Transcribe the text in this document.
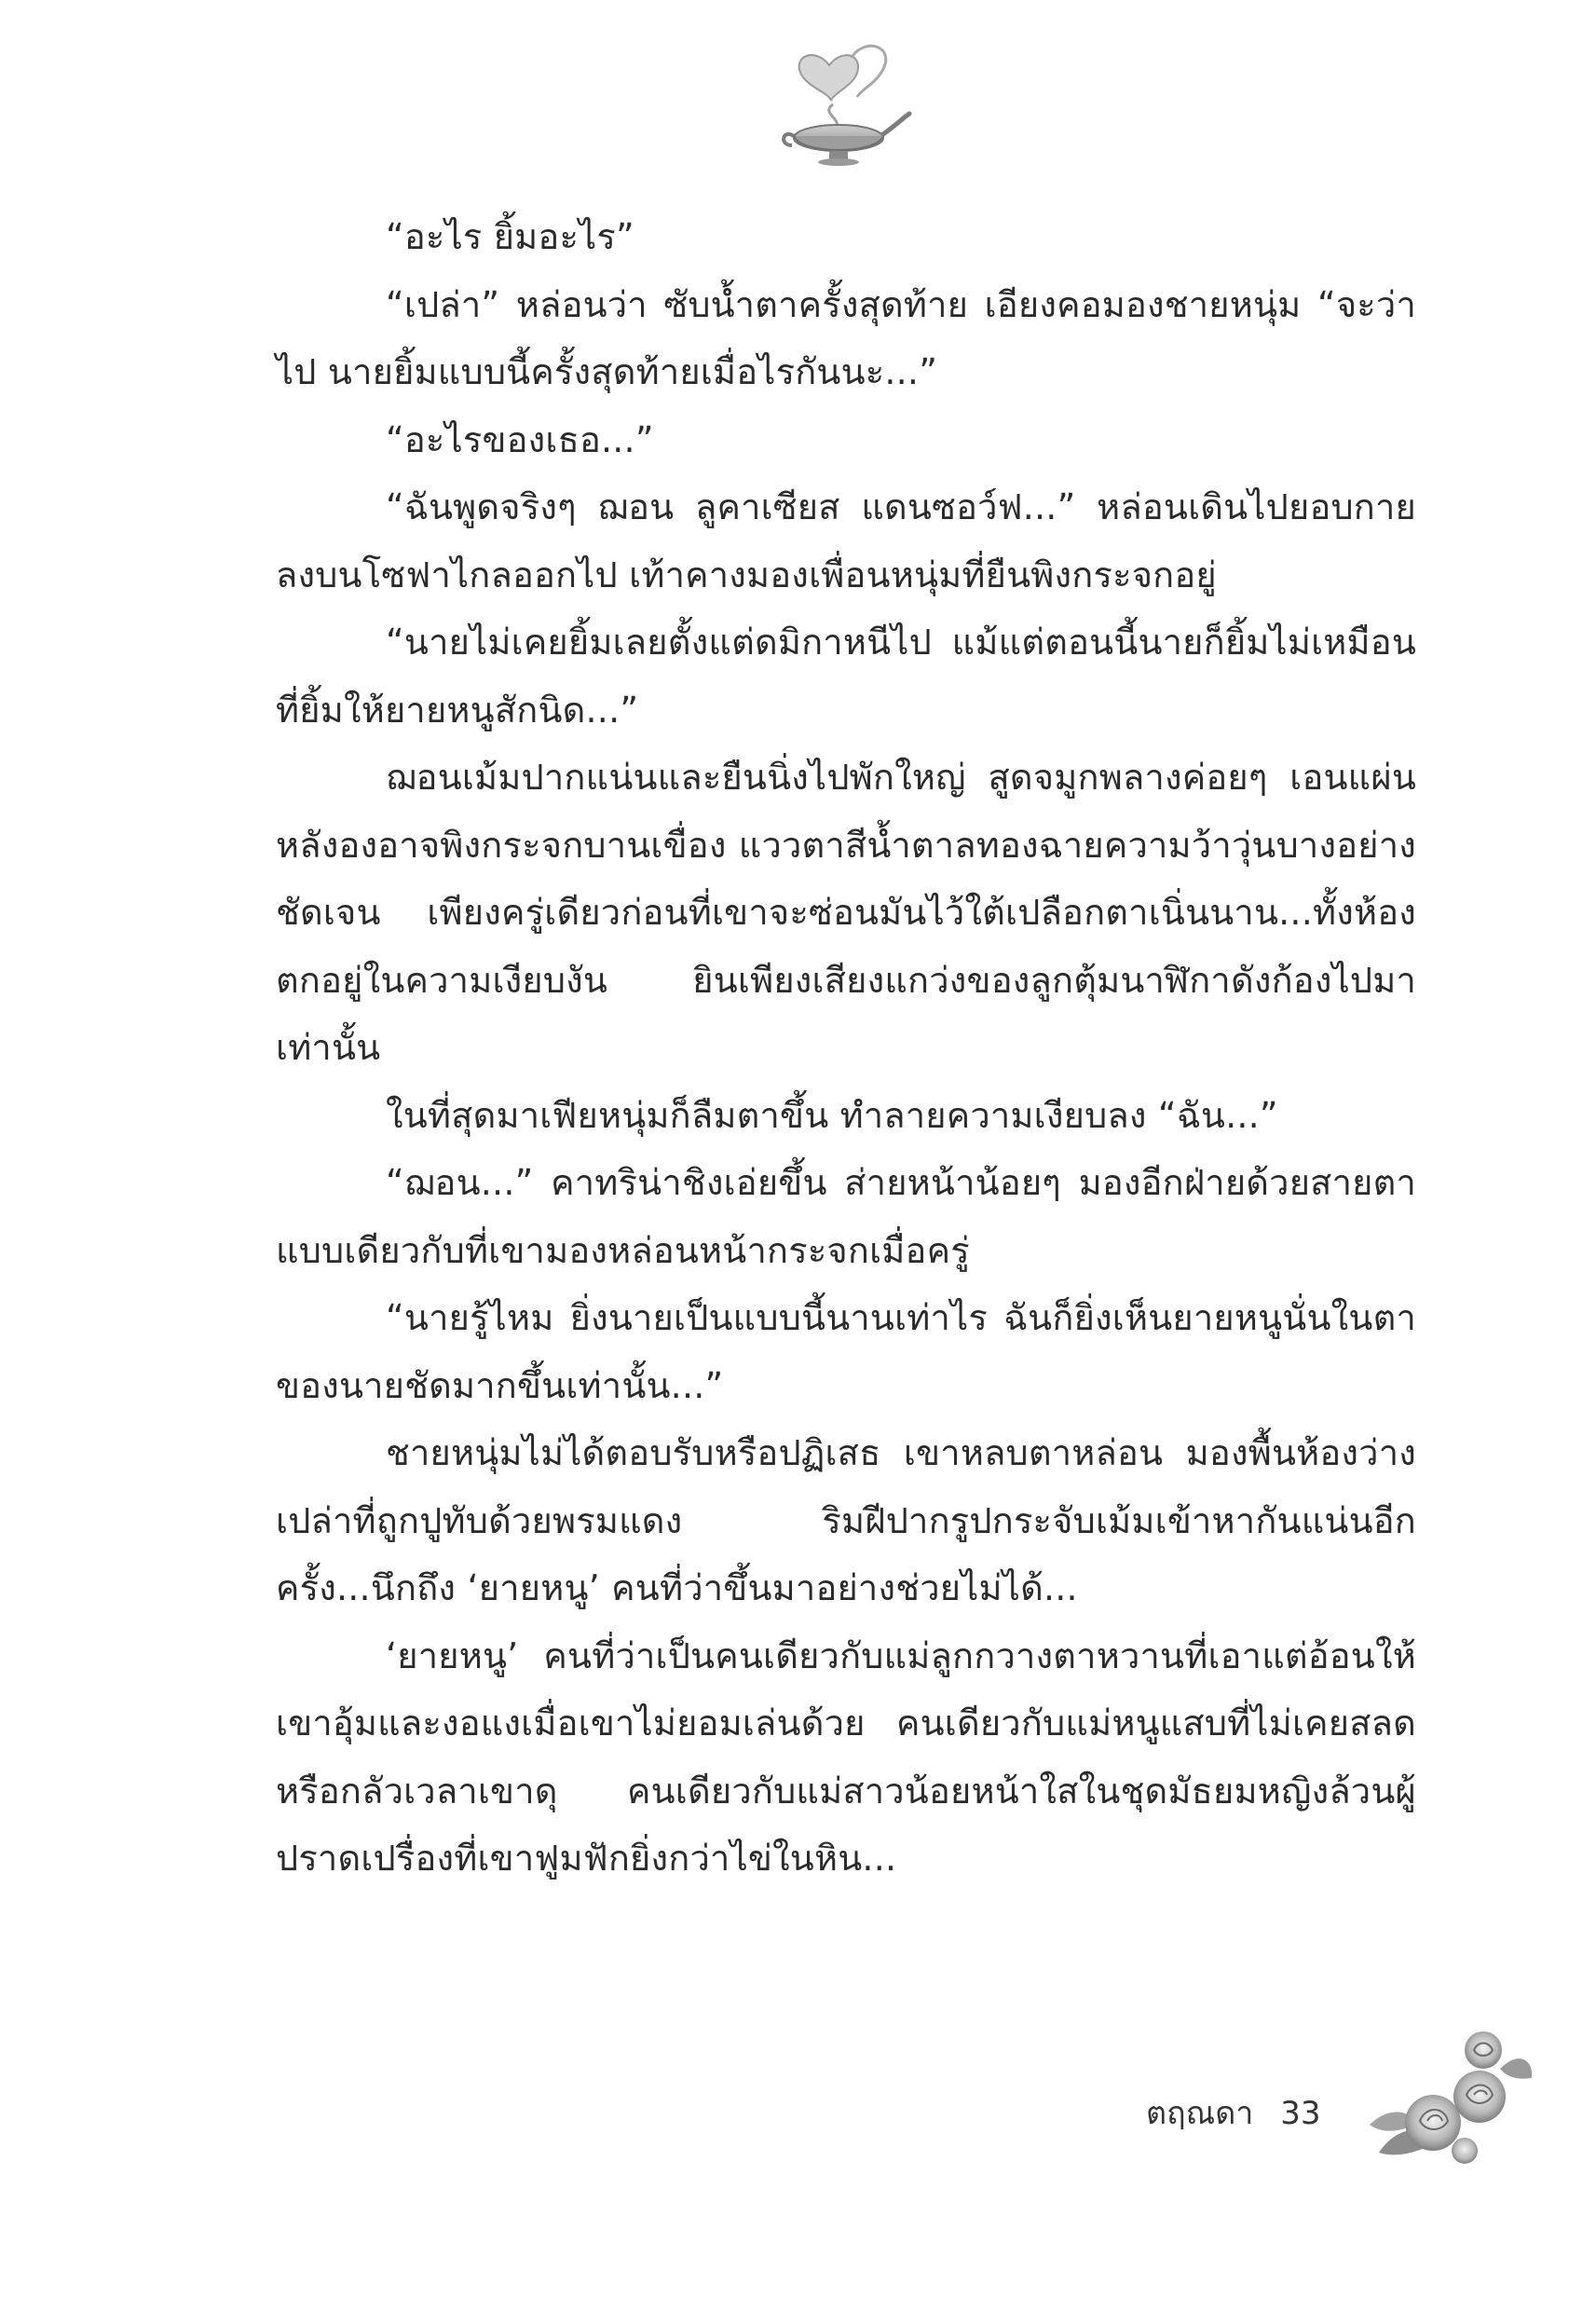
“อะไร ยิ้มอะไร”

“เปล่า” หล่อนว่า ซับน้ำตาครั้งสุดท้าย เอียงคอมองชายหนุ่ม “จะว่าไป นายยิ้มแบบนี้ครั้งสุดท้ายเมื่อไรกันนะ...”

“อะไรของเธอ...”

“ฉันพูดจริงๆ ฌอน ลูคาเซียส แดนซอว์ฟ...” หล่อนเดินไปยอบกายลงบนโซฟาไกลออกไป เท้าคางมองเพื่อนหนุ่มที่ยืนพิงกระจกอยู่

“นายไม่เคยยิ้มเลยตั้งแต่ดมิกาหนีไป แม้แต่ตอนนี้นายก็ยิ้มไม่เหมือนที่ยิ้มให้ยายหนูสักนิด...”

ฌอนเม้มปากแน่นและยืนนิ่งไปพักใหญ่ สูดจมูกพลางค่อยๆ เอนแผ่นหลังองอาจพิงกระจกบานเขื่อง แววตาสีน้ำตาลทองฉายความว้าวุ่นบางอย่างชัดเจน เพียงครู่เดียวก่อนที่เขาจะซ่อนมันไว้ใต้เปลือกตาเนิ่นนาน...ทั้งห้องตกอยู่ในความเงียบงัน ยินเพียงเสียงแกว่งของลูกตุ้มนาฬิกาดังก้องไปมาเท่านั้น

ในที่สุดมาเฟียหนุ่มก็ลืมตาขึ้น ทำลายความเงียบลง “ฉัน...”

“ฌอน...” คาทริน่าชิงเอ่ยขึ้น ส่ายหน้าน้อยๆ มองอีกฝ่ายด้วยสายตาแบบเดียวกับที่เขามองหล่อนหน้ากระจกเมื่อครู่

“นายรู้ไหม ยิ่งนายเป็นแบบนี้นานเท่าไร ฉันก็ยิ่งเห็นยายหนูนั่นในตาของนายชัดมากขึ้นเท่านั้น...”

ชายหนุ่มไม่ได้ตอบรับหรือปฏิเสธ เขาหลบตาหล่อน มองพื้นห้องว่างเปล่าที่ถูกปูทับด้วยพรมแดง ริมฝีปากรูปกระจับเม้มเข้าหากันแน่นอีกครั้ง...นึกถึง ‘ยายหนู’ คนที่ว่าขึ้นมาอย่างช่วยไม่ได้...

‘ยายหนู’ คนที่ว่าเป็นคนเดียวกับแม่ลูกกวางตาหวานที่เอาแต่อ้อนให้เขาอุ้มและงอแงเมื่อเขาไม่ยอมเล่นด้วย คนเดียวกับแม่หนูแสบที่ไม่เคยสลดหรือกลัวเวลาเขาดุ คนเดียวกับแม่สาวน้อยหน้าใสในชุดมัธยมหญิงล้วนผู้ปราดเปรื่องที่เขาฟูมฟักยิ่งกว่าไข่ในหิน...

ตฤณดา 33
